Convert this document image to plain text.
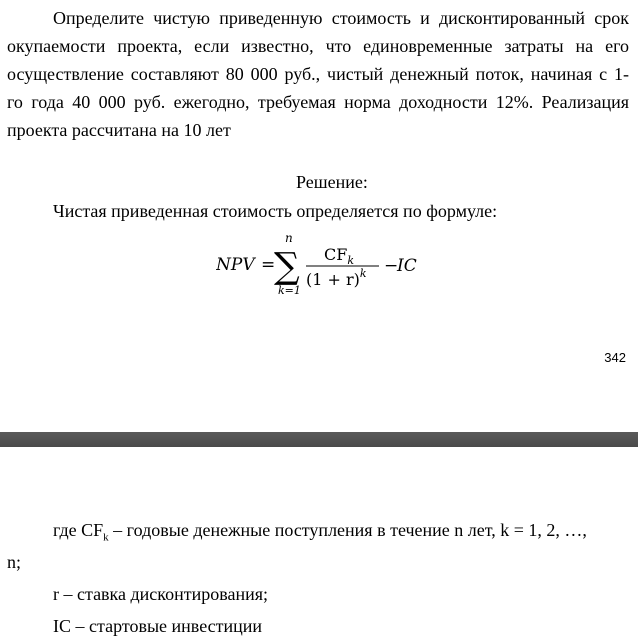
Определите чистую приведенную стоимость и дисконтированный срок
окупаемости проекта, если известно, что единовременные затраты на его
осуществление составляют 80 000 руб., чистый денежный поток, начиная с 1-
го года 40 000 руб. ежегодно, требуемая норма доходности 12%. Реализация
проекта рассчитана на 10 лет
Решение:
Чистая приведенная стоимость определяется по формуле:
NPV =
n
∑
k=1
$CF_k$
$(1 + r)^k$ −
IC
342
где $CF_k$ – годовые денежные поступления в течение n лет, k = 1, 2, …,
n;
r – ставка дисконтирования;
IC – стартовые инвестиции
